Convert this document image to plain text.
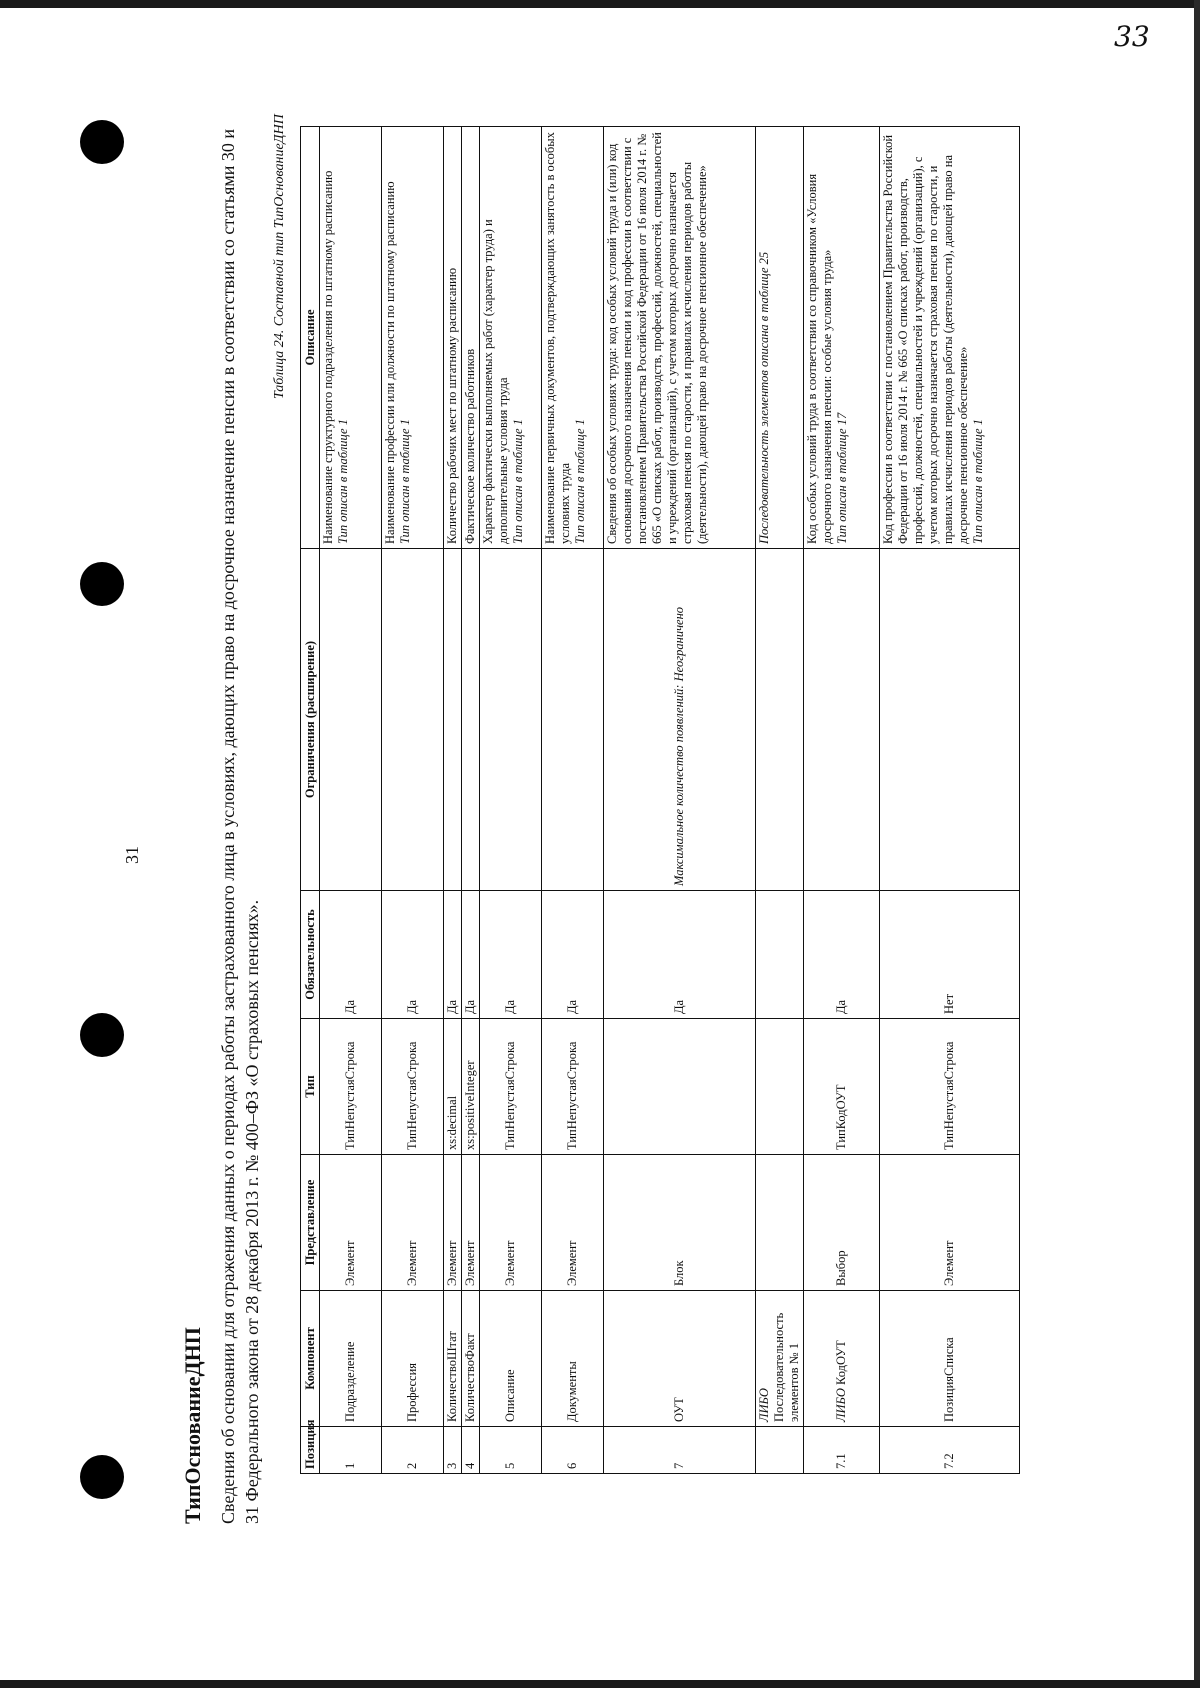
33
31
ТипОснованиеДНП Сведения об основании для отражения данных о периодах работы застрахованного лица в условиях, дающих право на досрочное назначение пенсии в соответствии со статьями 30 и 31 Федерального закона от 28 декабря 2013 г. № 400–ФЗ «О страховых пенсиях».
Таблица 24. Составной тип ТипОснованиеДНП
Позиция	Компонент	Представление	Тип	Обязательность	Ограничения (расширение)	Описание
1	Подразделение	Элемент	ТипНепустаяСтрока	Да		Наименование структурного подразделения по штатному расписанию Тип описан в таблице 1

2	Профессия	Элемент	ТипНепустаяСтрока	Да		Наименование профессии или должности по штатному расписанию Тип описан в таблице 1

3	КоличествоШтат	Элемент	xs:decimal	Да		Количество рабочих мест по штатному расписанию

4	КоличествоФакт	Элемент	xs:positiveInteger	Да		Фактическое количество работников

5	Описание	Элемент	ТипНепустаяСтрока	Да		Характер фактически выполняемых работ (характер труда) и дополнительные условия труда Тип описан в таблице 1

6	Документы	Элемент	ТипНепустаяСтрока	Да		Наименование первичных документов, подтверждающих занятость в особых условиях труда Тип описан в таблице 1

7	ОУТ	Блок		Да	Максимальное количество появлений: Неограничено	Сведения об особых условиях труда: код особых условий труда и (или) код основания досрочного назначения пенсии и код профессии в соответствии с постановлением Правительства Российской Федерации от 16 июля 2014 г. № 665 «О списках работ, производств, профессий, должностей, специальностей и учреждений (организаций), с учетом которых досрочно назначается страховая пенсия по старости, и правилах исчисления периодов работы (деятельности), дающей право на досрочное пенсионное обеспечение»

	ЛИБО Последовательность элементов № 1					Последовательность элементов описана в таблице 25

7.1	ЛИБО КодОУТ	Выбор	ТипКодОУТ	Да		Код особых условий труда в соответствии со справочником «Условия досрочного назначения пенсии: особые условия труда» Тип описан в таблице 17

7.2	ПозицияСписка	Элемент	ТипНепустаяСтрока	Нет		Код профессии в соответствии с постановлением Правительства Российской Федерации от 16 июля 2014 г. № 665 «О списках работ, производств, профессий, должностей, специальностей и учреждений (организаций), с учетом которых досрочно назначается страховая пенсия по старости, и правилах исчисления периодов работы (деятельности), дающей право на досрочное пенсионное обеспечение» Тип описан в таблице 1
